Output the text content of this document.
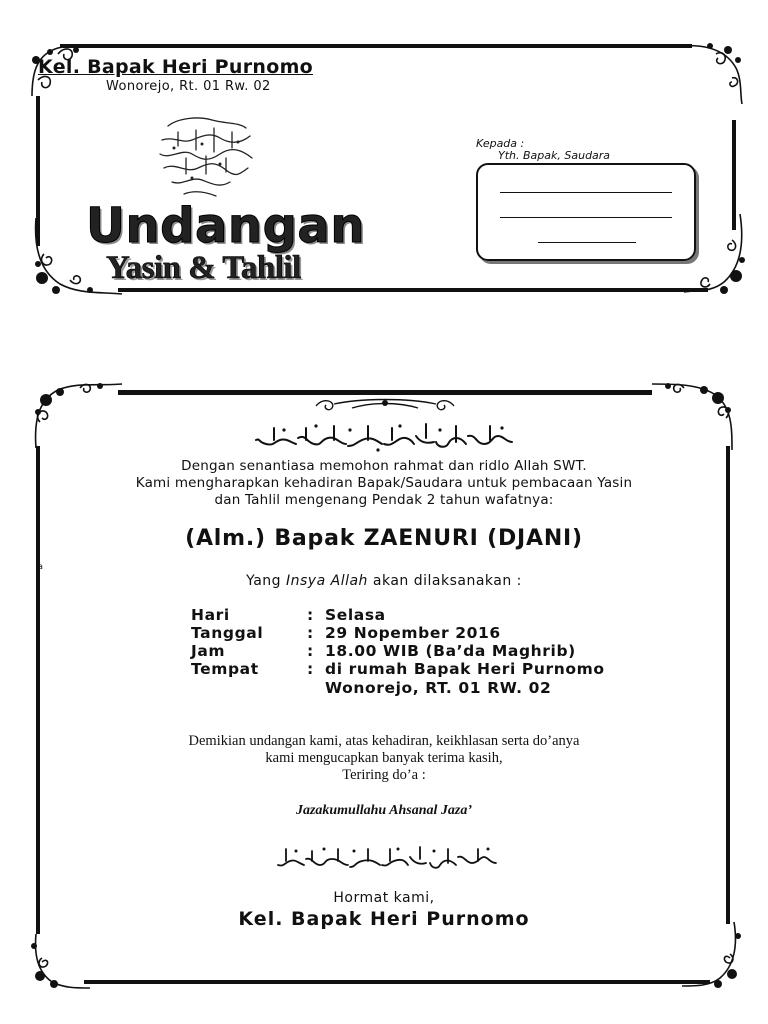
Kel. Bapak Heri Purnomo
Wonorejo, Rt. 01 Rw. 02
Undangan
Yasin & Tahlil
Kepada :
Yth. Bapak, Saudara
Dengan senantiasa memohon rahmat dan ridlo Allah SWT.
Kami mengharapkan kehadiran Bapak/Saudara untuk pembacaan Yasin
dan Tahlil mengenang Pendak 2 tahun wafatnya:
(Alm.) Bapak ZAENURI (DJANI)
Yang Insya Allah akan dilaksanakan :
Hari	: Selasa
Tanggal	: 29 Nopember 2016
Jam	: 18.00 WIB (Ba’da Maghrib)
Tempat	: di rumah Bapak Heri Purnomo
Wonorejo, RT. 01 RW. 02
Demikian undangan kami, atas kehadiran, keikhlasan serta do’anya
kami mengucapkan banyak terima kasih,
Teriring do’a :
Jazakumullahu Ahsanal Jaza’
Hormat kami,
Kel. Bapak Heri Purnomo
a
